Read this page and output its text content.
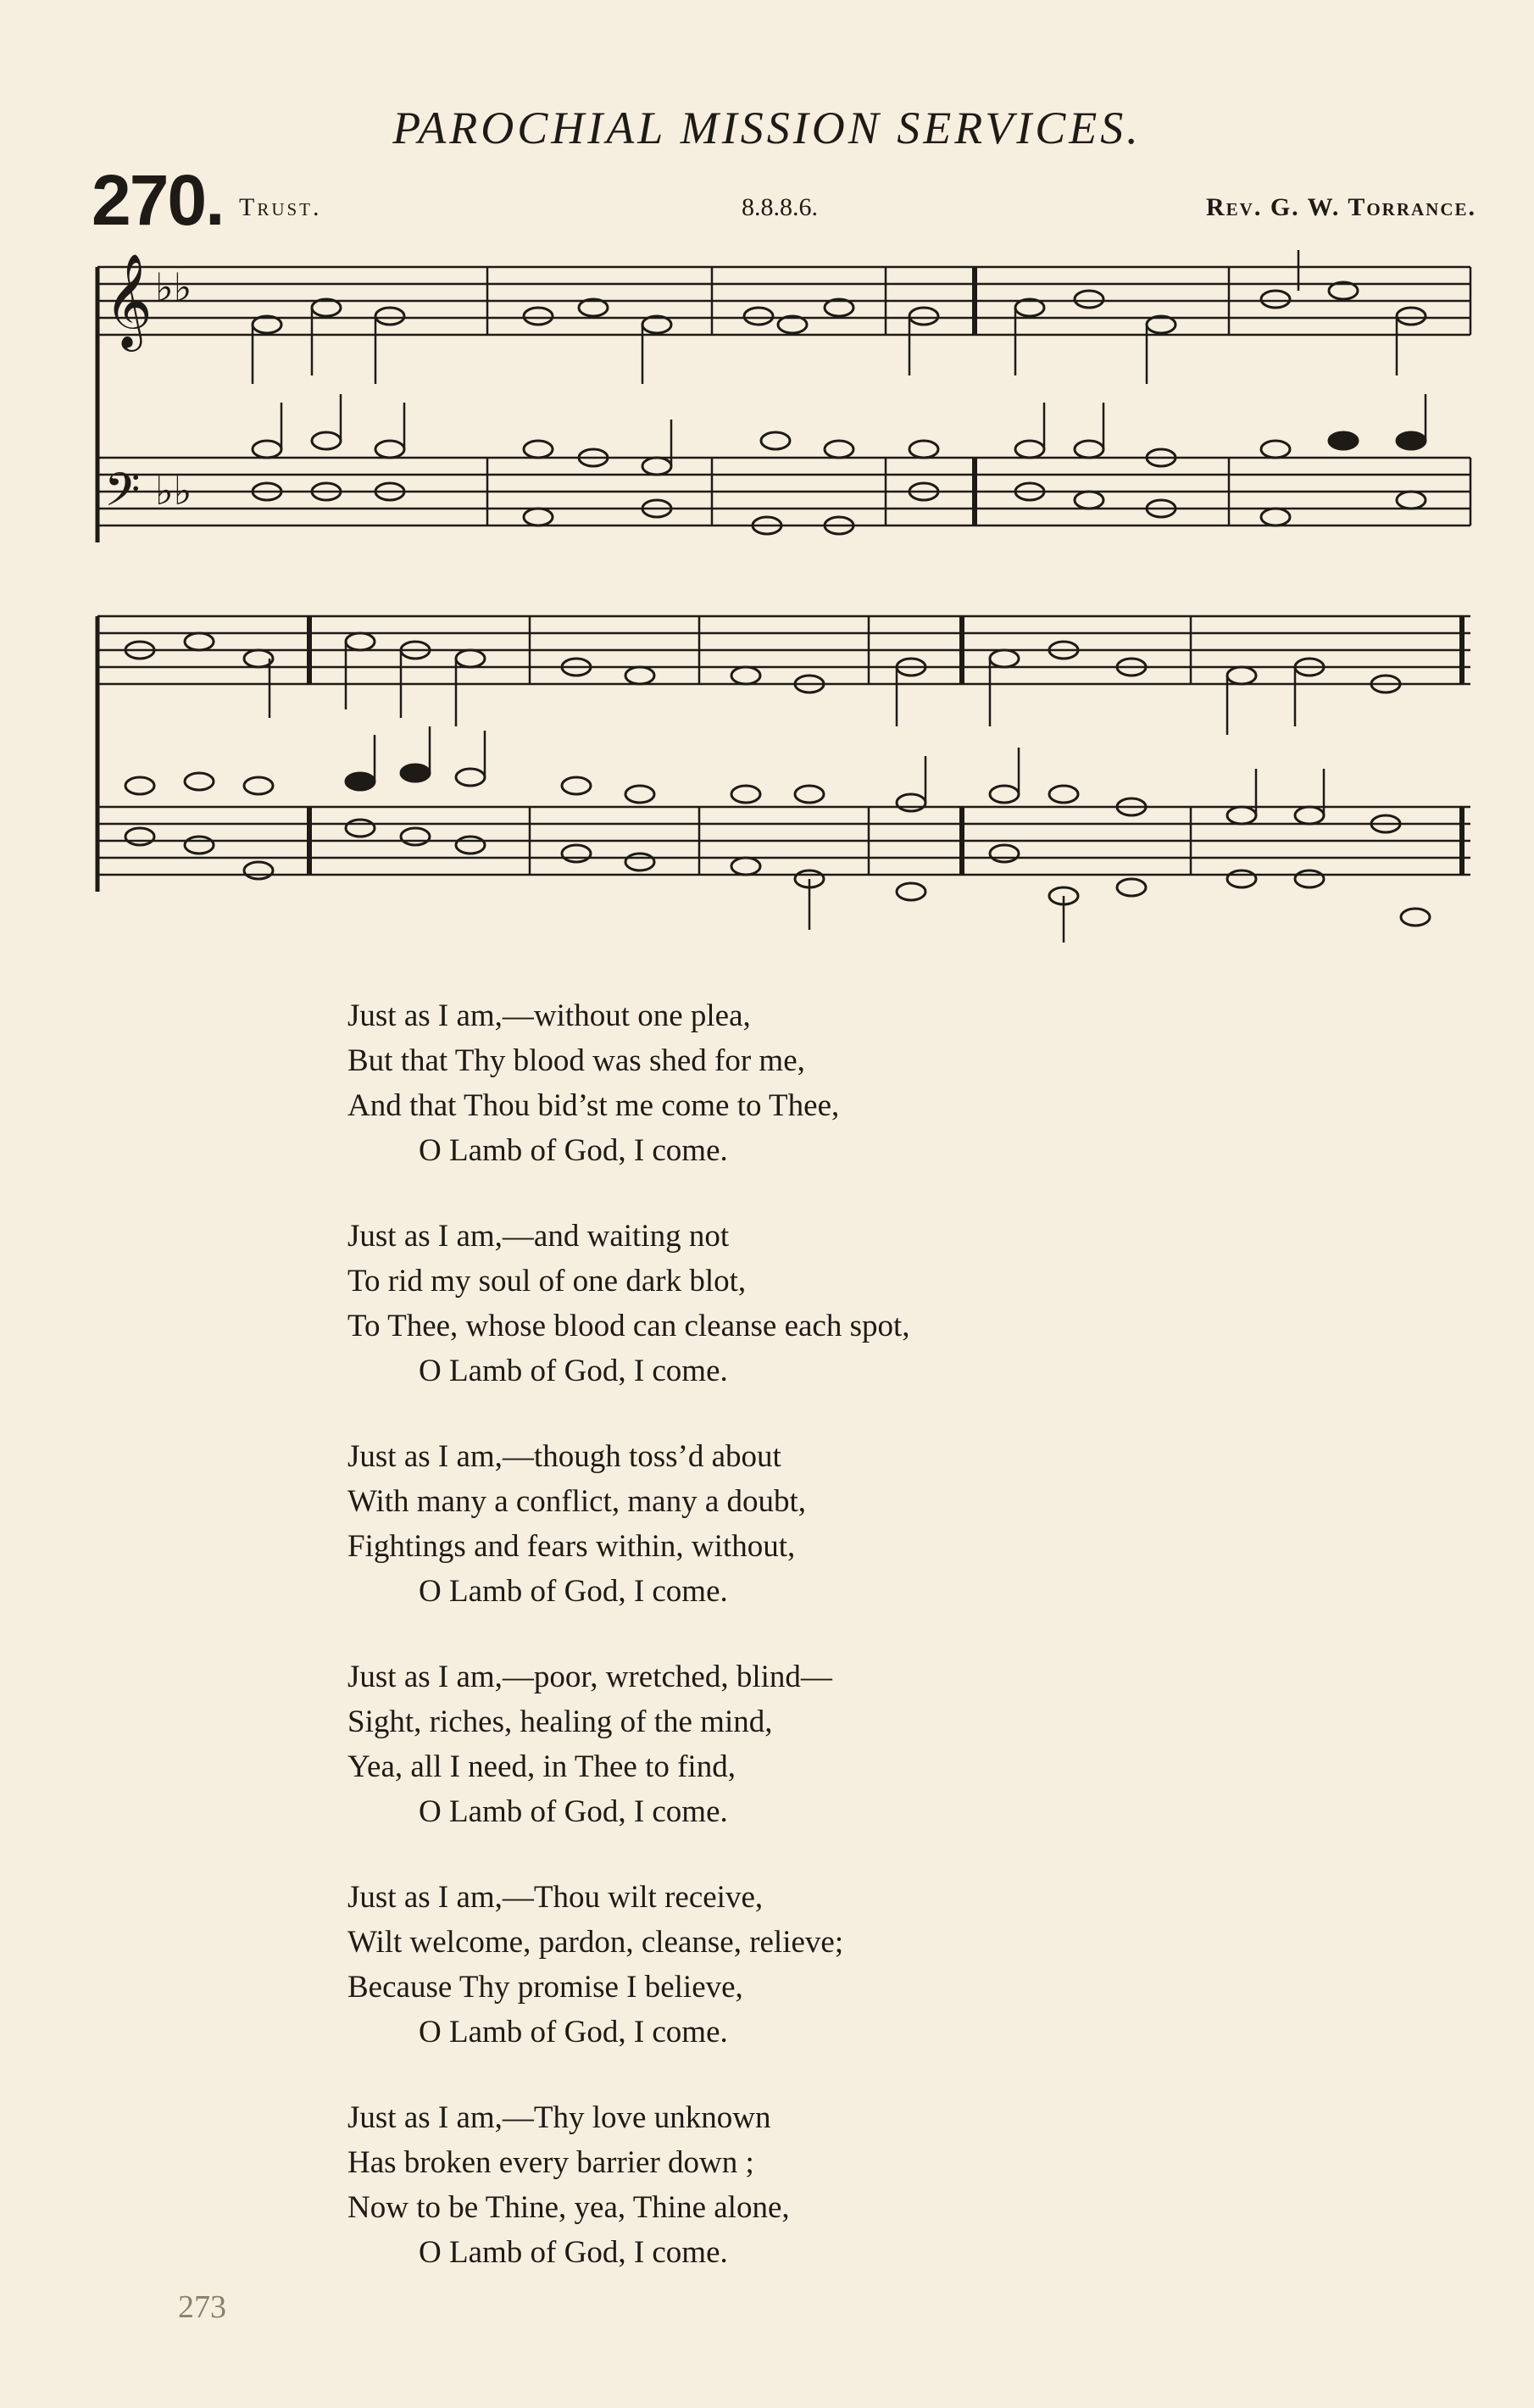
PAROCHIAL MISSION SERVICES.
270. Trust.	8.8.8.6.	Rev. G. W. Torrance.
𝄞
𝄢
♭♭
♭♭
Just as I am,—without one plea,
But that Thy blood was shed for me,
And that Thou bid’st me come to Thee,
O Lamb of God, I come.
Just as I am,—and waiting not
To rid my soul of one dark blot,
To Thee, whose blood can cleanse each spot,
O Lamb of God, I come.
Just as I am,—though toss’d about
With many a conflict, many a doubt,
Fightings and fears within, without,
O Lamb of God, I come.
Just as I am,—poor, wretched, blind—
Sight, riches, healing of the mind,
Yea, all I need, in Thee to find,
O Lamb of God, I come.
Just as I am,—Thou wilt receive,
Wilt welcome, pardon, cleanse, relieve;
Because Thy promise I believe,
O Lamb of God, I come.
Just as I am,—Thy love unknown
Has broken every barrier down ;
Now to be Thine, yea, Thine alone,
O Lamb of God, I come.
273
